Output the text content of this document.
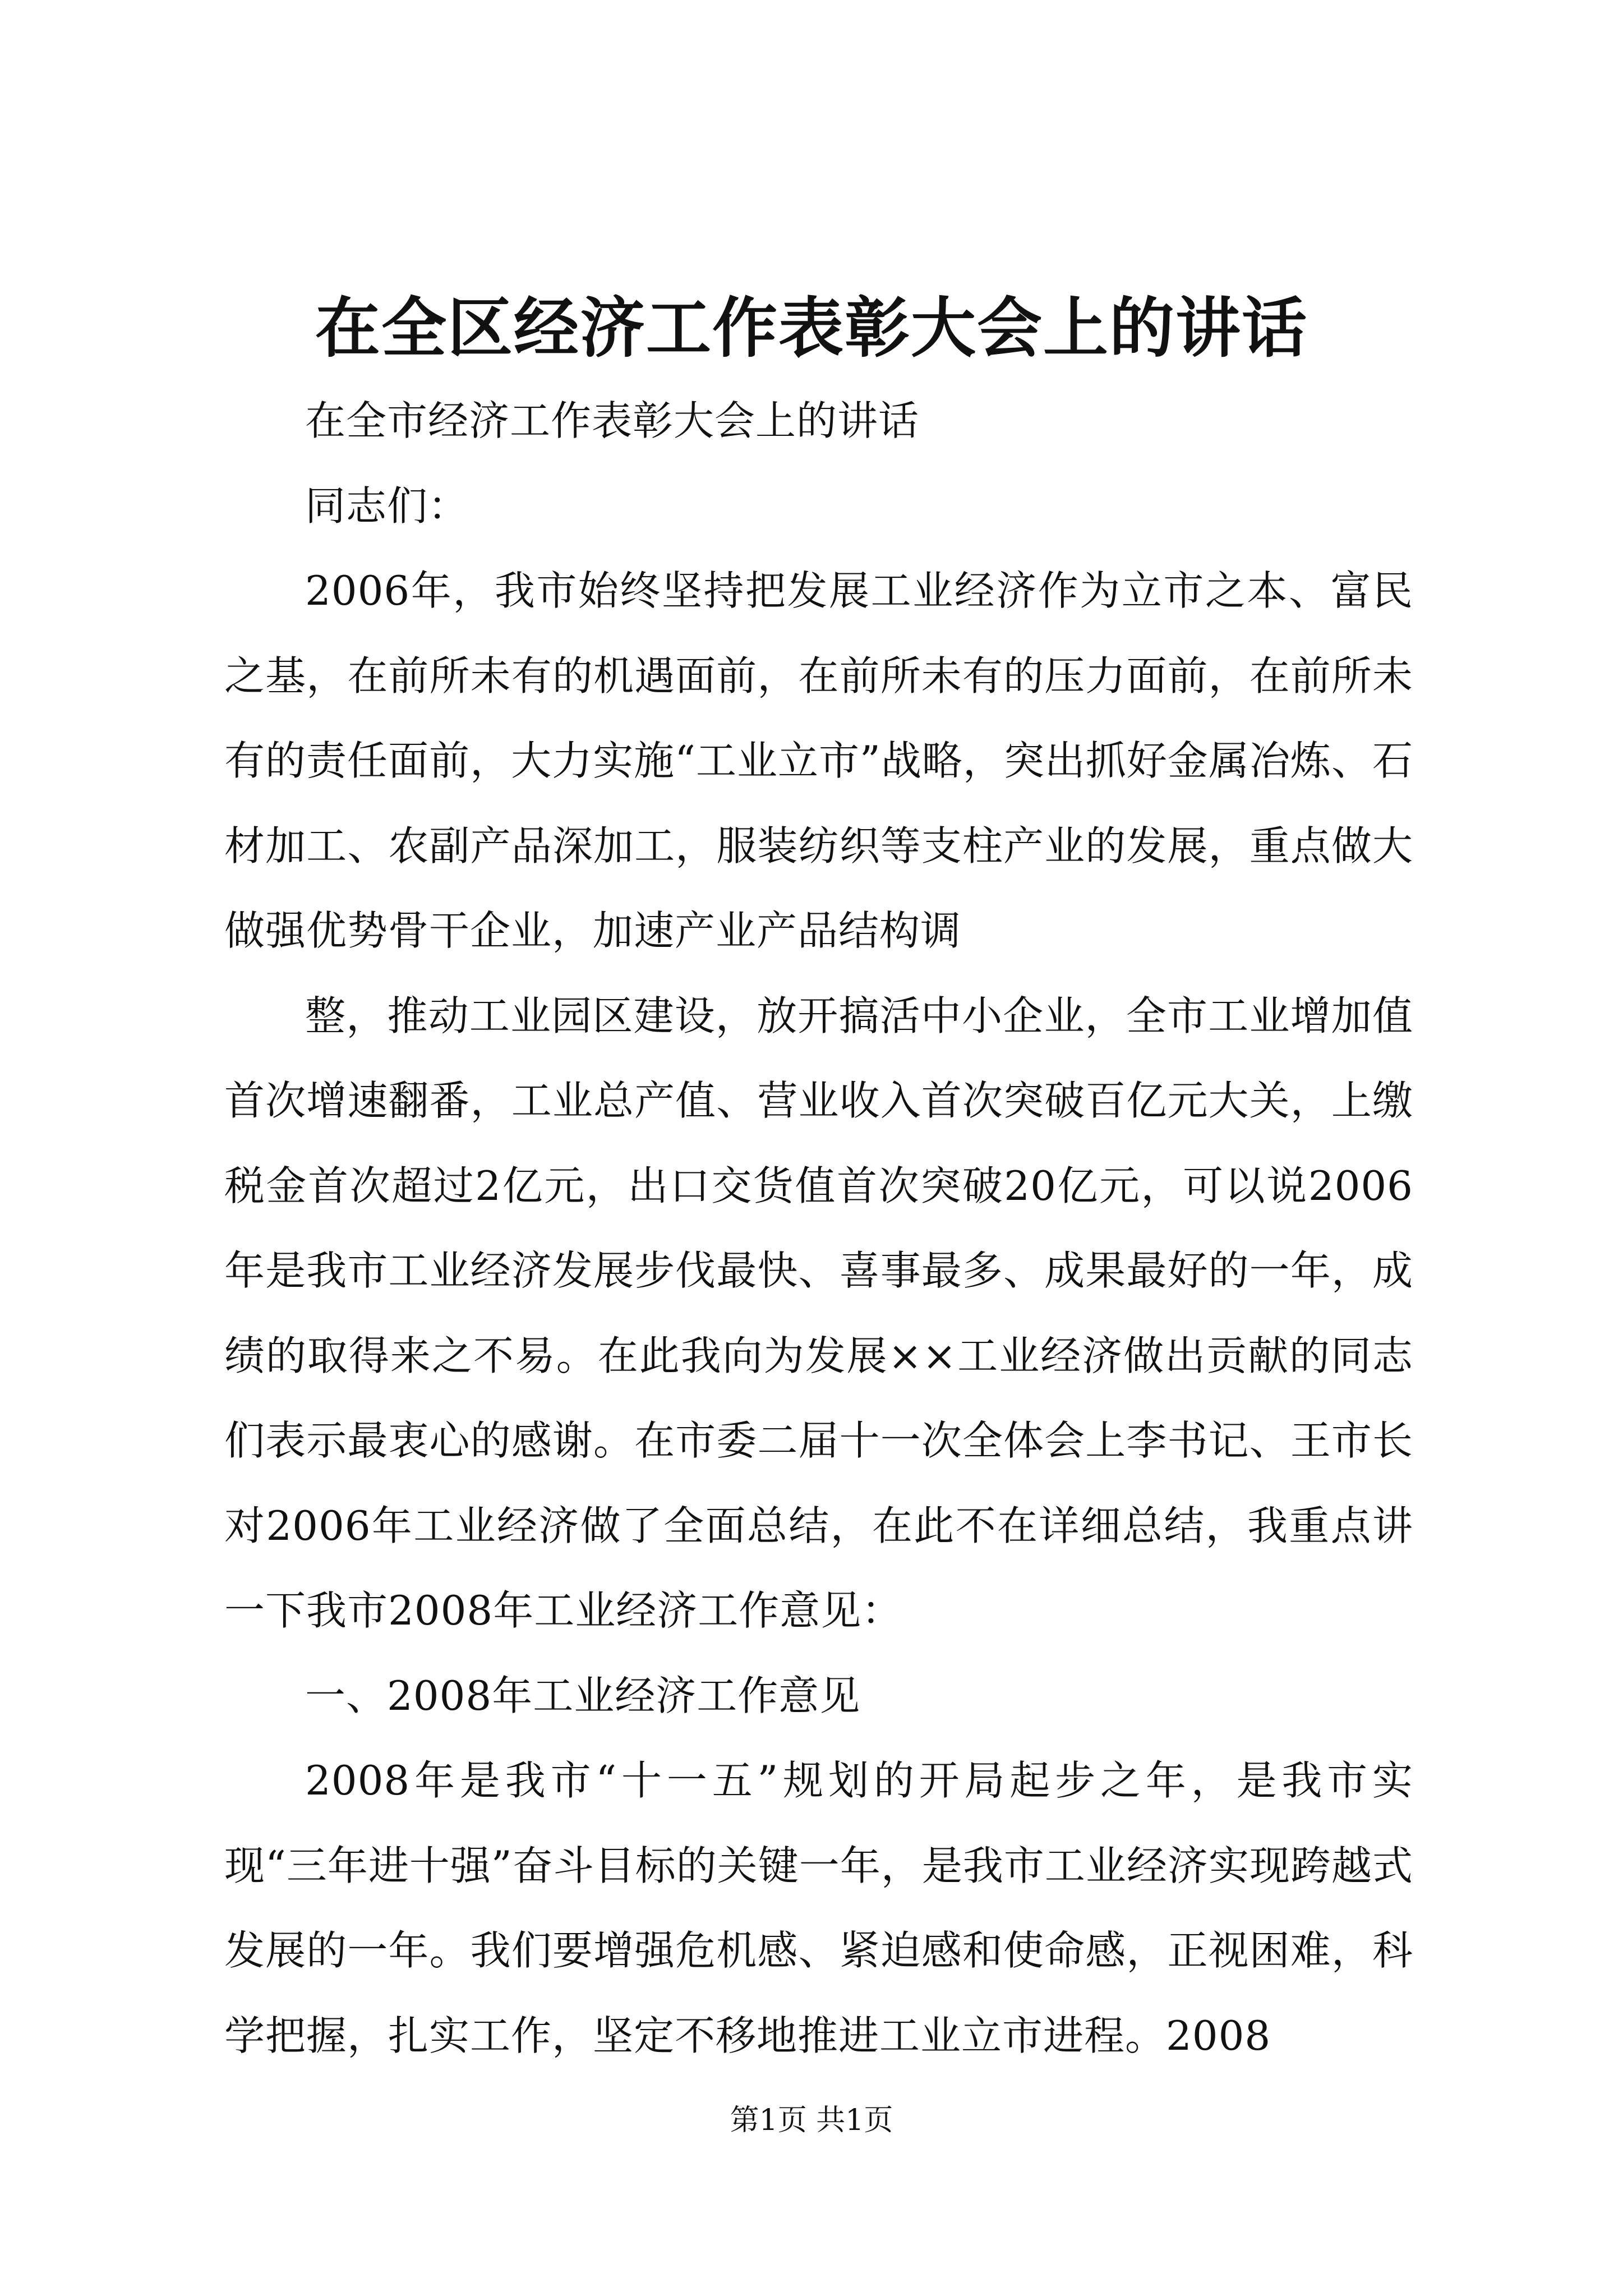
在全区经济工作表彰大会上的讲话

在全市经济工作表彰大会上的讲话

同志们：

2006年，我市始终坚持把发展工业经济作为立市之本、富民之基，在前所未有的机遇面前，在前所未有的压力面前，在前所未有的责任面前，大力实施“工业立市”战略，突出抓好金属冶炼、石材加工、农副产品深加工，服装纺织等支柱产业的发展，重点做大做强优势骨干企业，加速产业产品结构调

整，推动工业园区建设，放开搞活中小企业，全市工业增加值首次增速翻番，工业总产值、营业收入首次突破百亿元大关，上缴税金首次超过2亿元，出口交货值首次突破20亿元，可以说2006年是我市工业经济发展步伐最快、喜事最多、成果最好的一年，成绩的取得来之不易。在此我向为发展××工业经济做出贡献的同志们表示最衷心的感谢。在市委二届十一次全体会上李书记、王市长对2006年工业经济做了全面总结，在此不在详细总结，我重点讲一下我市2008年工业经济工作意见：

一、2008年工业经济工作意见

2008年是我市“十一五”规划的开局起步之年，是我市实现“三年进十强”奋斗目标的关键一年，是我市工业经济实现跨越式发展的一年。我们要增强危机感、紧迫感和使命感，正视困难，科学把握，扎实工作，坚定不移地推进工业立市进程。2008

第1页 共1页
